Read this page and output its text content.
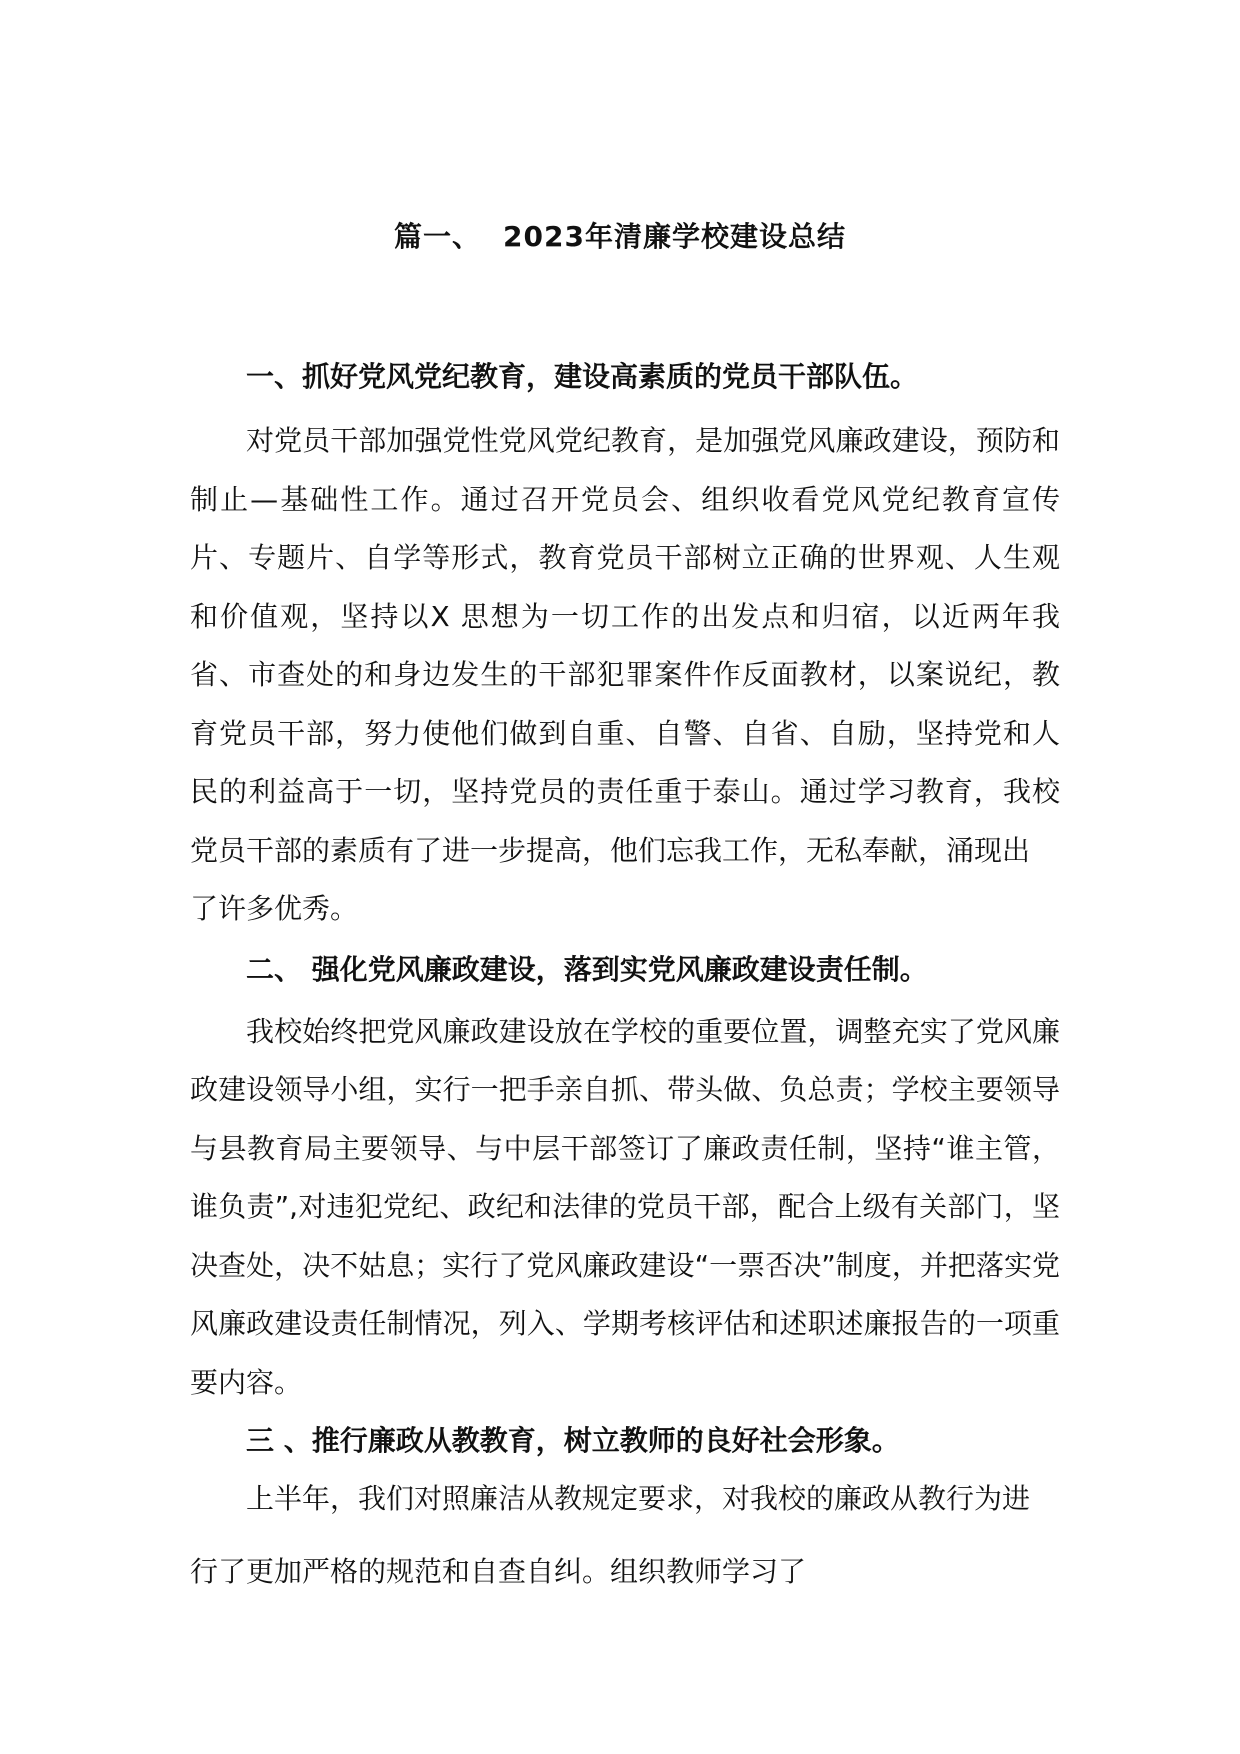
篇一、 2023年清廉学校建设总结
一、抓好党风党纪教育，建设高素质的党员干部队伍。

对党员干部加强党性党风党纪教育，是加强党风廉政建设，预防和制止—基础性工作。通过召开党员会、组织收看党风党纪教育宣传 片、专题片、自学等形式，教育党员干部树立正确的世界观、人生观 和价值观，坚持以X 思想为一切工作的出发点和归宿，以近两年我 省、市查处的和身边发生的干部犯罪案件作反面教材，以案说纪，教 育党员干部，努力使他们做到自重、自警、自省、自励，坚持党和人 民的利益高于一切，坚持党员的责任重于泰山。通过学习教育，我校 党员干部的素质有了进一步提高，他们忘我工作，无私奉献，涌现出

了许多优秀。
二、 强化党风廉政建设，落到实党风廉政建设责任制。

我校始终把党风廉政建设放在学校的重要位置，调整充实了党风廉政建设领导小组，实行一把手亲自抓、带头做、负总责；学校主要领导与县教育局主要领导、与中层干部签订了廉政责任制，坚持“谁主管，谁负责”,对违犯党纪、政纪和法律的党员干部，配合上级有关部门，坚决查处，决不姑息；实行了党风廉政建设“一票否决”制度，并把落实党风廉政建设责任制情况，列入、学期考核评估和述职述廉报告的一项重要内容。

三 、推行廉政从教教育，树立教师的良好社会形象。

上半年，我们对照廉洁从教规定要求，对我校的廉政从教行为进
行了更加严格的规范和自查自纠。组织教师学习了
